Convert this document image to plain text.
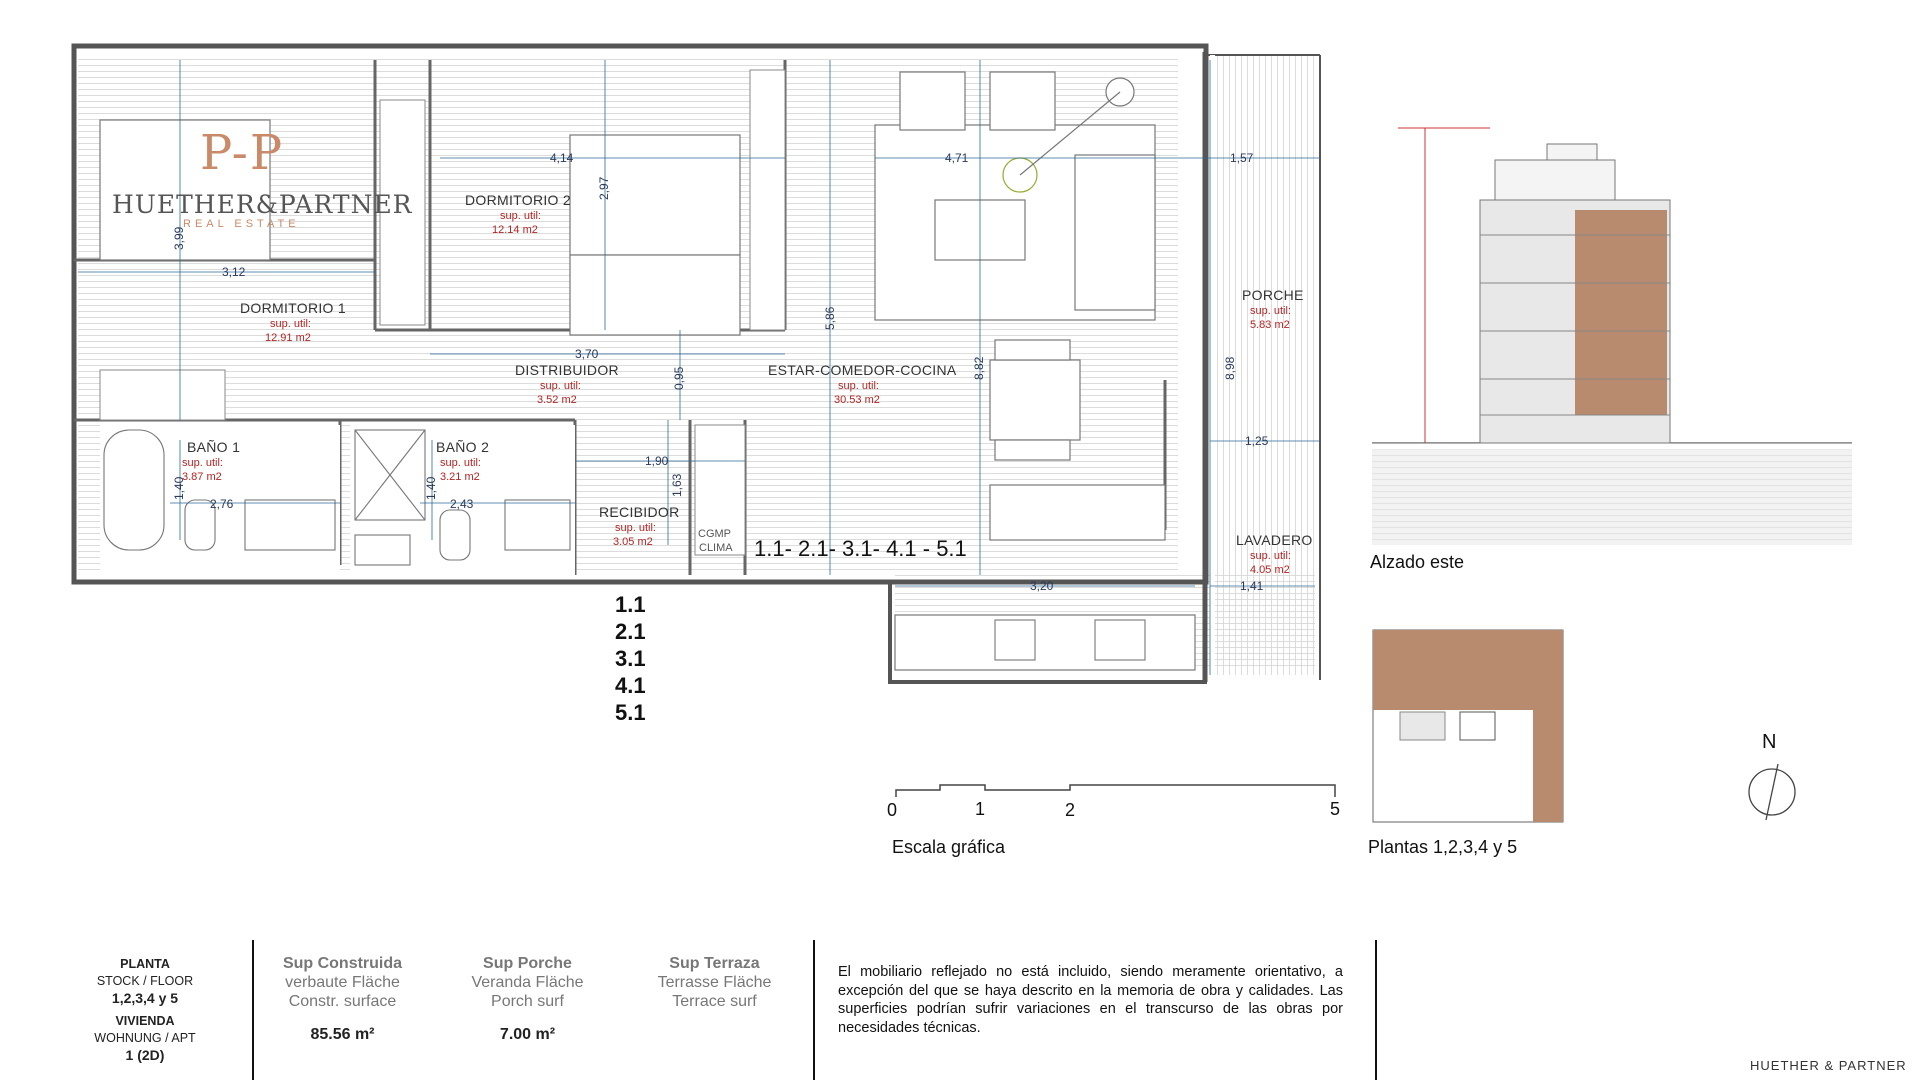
4,14
2,97
3,99
3,12
4,71	1,57
5,86
8,82	8,98
3,70
0,95
1,90
1,63
1,25
1,40
2,76
1,40
2,43
3,20	1,41
DORMITORIO 2
sup. util:
12.14 m2
DORMITORIO 1
sup. util:
12.91 m2
DISTRIBUIDOR
sup. util:
3.52 m2
ESTAR-COMEDOR-COCINA
sup. util:
30.53 m2
PORCHE
sup. util:
5.83 m2
BAÑO 1
sup. util:
3.87 m2
BAÑO 2
sup. util:
3.21 m2
RECIBIDOR
sup. util:
3.05 m2	LAVADERO
sup. util:
4.05 m2
CGMP
CLIMA 1.1- 2.1- 3.1- 4.1 - 5.1
P-P
HUETHER&PARTNER
REAL ESTATE
1.1
2.1
3.1
4.1
5.1
0	1	2	5
Escala gráfica
Alzado este
Plantas 1,2,3,4 y 5
N
PLANTA
STOCK / FLOOR
1,2,3,4 y 5
VIVIENDA
WOHNUNG / APT
1 (2D)
Sup Construida
verbaute Fläche
Constr. surface
85.56 m²
Sup Porche
Veranda Fläche
Porch surf
7.00 m²
Sup Terraza
Terrasse Fläche
Terrace surf
El mobiliario reflejado no está incluido, siendo meramente orientativo, a excepción del que se haya descrito en la memoria de obra y calidades. Las superficies podrían sufrir variaciones en el transcurso de las obras por necesidades técnicas.
HUETHER & PARTNER
